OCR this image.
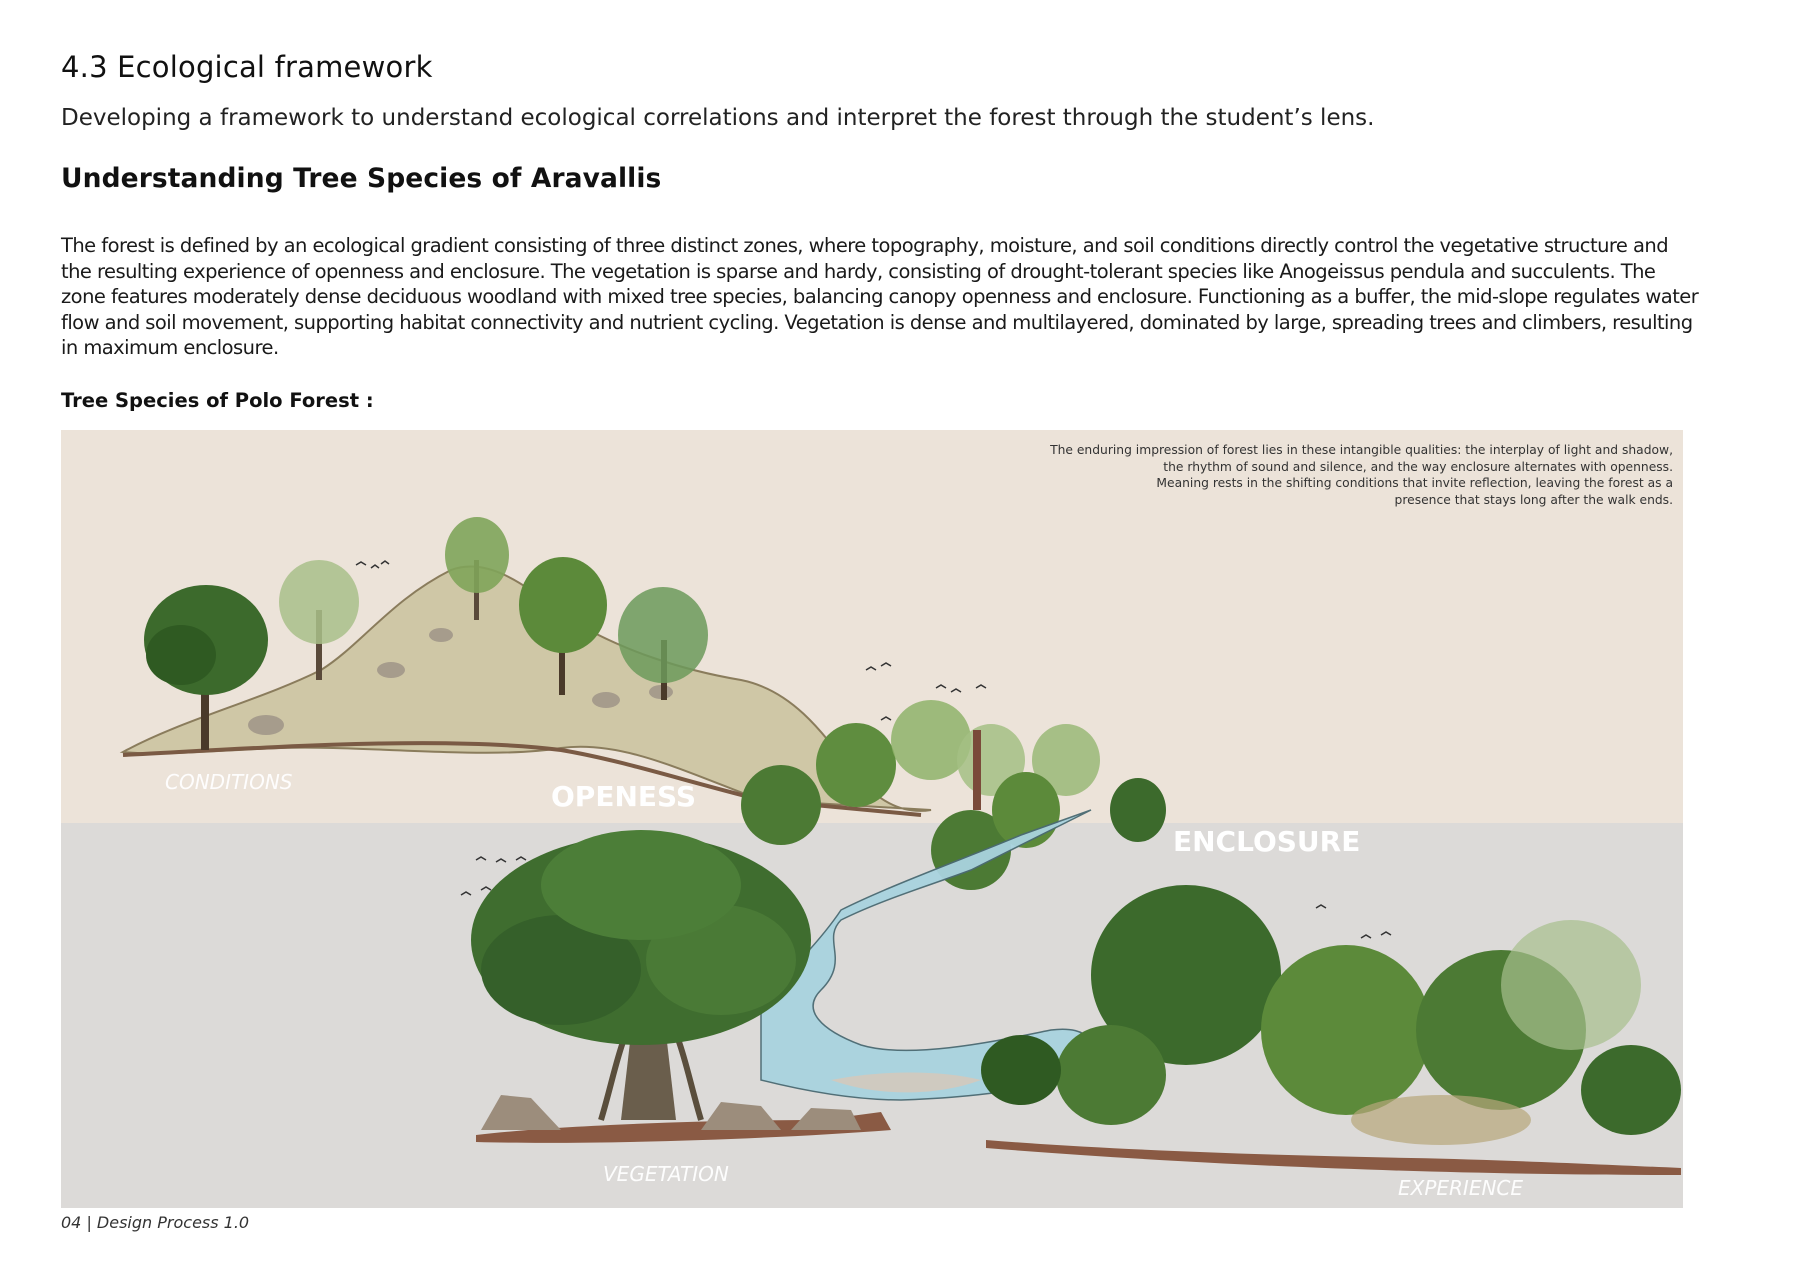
4.3 Ecological framework

Developing a framework to understand ecological correlations and interpret the forest through the student’s lens.

Understanding Tree Species of Aravallis

The forest is defined by an ecological gradient consisting of three distinct zones, where topography, moisture, and soil conditions directly control the vegetative structure and the resulting experience of openness and enclosure. The vegetation is sparse and hardy, consisting of drought-tolerant species like Anogeissus pendula and succulents. The zone features moderately dense deciduous woodland with mixed tree species, balancing canopy openness and enclosure. Functioning as a buffer, the mid-slope regulates water flow and soil movement, supporting habitat connectivity and nutrient cycling. Vegetation is dense and multilayered, dominated by large, spreading trees and climbers, resulting in maximum enclosure.

Tree Species of Polo Forest :

The enduring impression of forest lies in these intangible qualities: the interplay of light and shadow,
the rhythm of sound and silence, and the way enclosure alternates with openness.
Meaning rests in the shifting conditions that invite reflection, leaving the forest as a
presence that stays long after the walk ends.
CONDITIONS	OPENESS
ENCLOSURE
VEGETATION
EXPERIENCE

04 | Design Process 1.0
